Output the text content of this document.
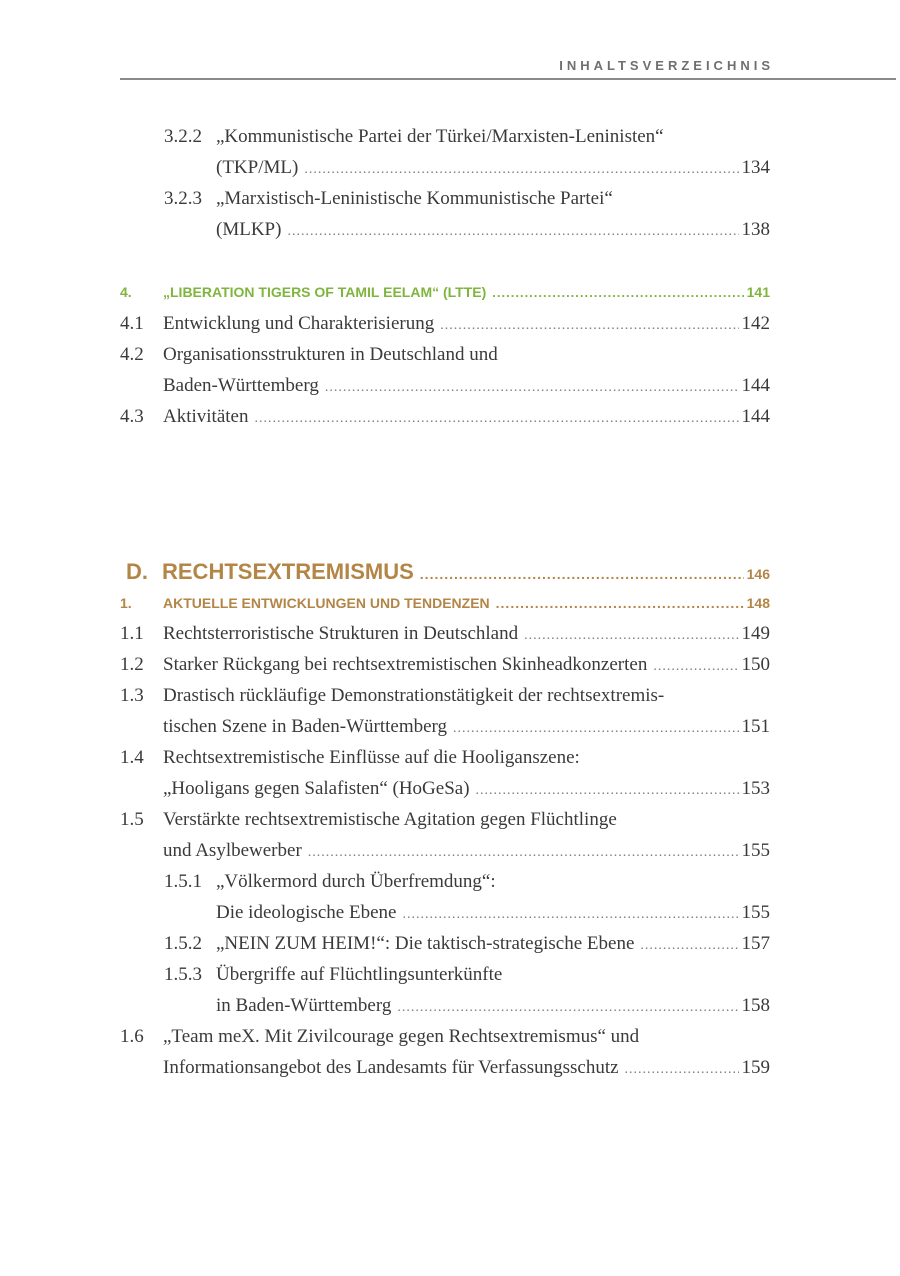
INHALTSVERZEICHNIS
3.2.2 „Kommunistische Partei der Türkei/Marxisten-Leninisten“
(TKP/ML) .....	134
3.2.3 „Marxistisch-Leninistische Kommunistische Partei“
(MLKP) .....	138
4.	„LIBERATION TIGERS OF TAMIL EELAM“ (LTTE) .....	141
4.1	Entwicklung und Charakterisierung .....	142
4.2	Organisationsstrukturen in Deutschland und
Baden-Württemberg .....	144
4.3	Aktivitäten .....	144
D. RECHTSEXTREMISMUS .....	146
1.	AKTUELLE ENTWICKLUNGEN UND TENDENZEN .....	148
1.1	Rechtsterroristische Strukturen in Deutschland .....	149
1.2	Starker Rückgang bei rechtsextremistischen Skinheadkonzerten .....	150
1.3	Drastisch rückläufige Demonstrationstätigkeit der rechtsextremis-
tischen Szene in Baden-Württemberg .....	151
1.4	Rechtsextremistische Einflüsse auf die Hooliganszene:
„Hooligans gegen Salafisten“ (HoGeSa) .....	153
1.5	Verstärkte rechtsextremistische Agitation gegen Flüchtlinge
und Asylbewerber .....	155
1.5.1 „Völkermord durch Überfremdung“:
Die ideologische Ebene .....	155
1.5.2 „NEIN ZUM HEIM!“: Die taktisch-strategische Ebene .....	157
1.5.3 Übergriffe auf Flüchtlingsunterkünfte
in Baden-Württemberg .....	158
1.6	„Team meX. Mit Zivilcourage gegen Rechtsextremismus“ und
Informationsangebot des Landesamts für Verfassungsschutz .....	159
